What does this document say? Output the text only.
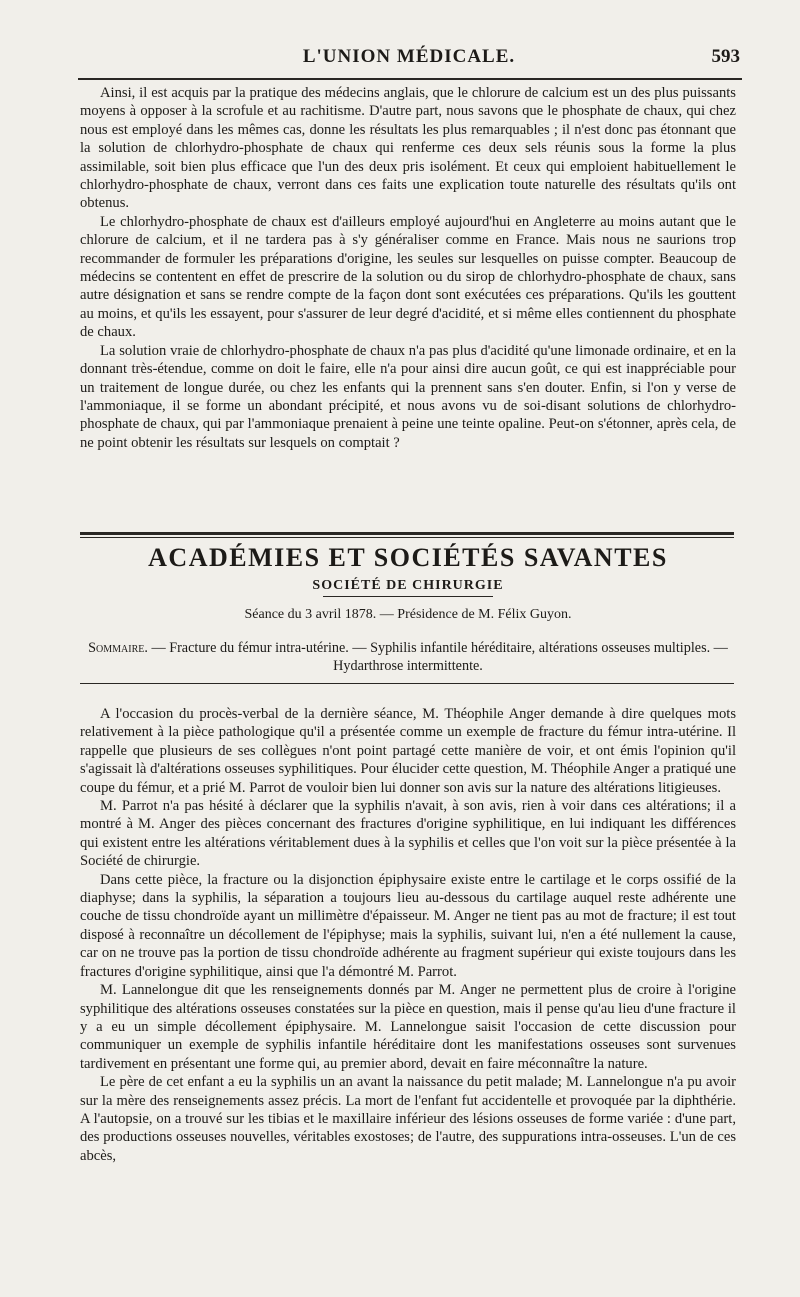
L'UNION MÉDICALE.	593

Ainsi, il est acquis par la pratique des médecins anglais, que le chlorure de calcium est un des plus puissants moyens à opposer à la scrofule et au rachitisme. D'autre part, nous savons que le phosphate de chaux, qui chez nous est employé dans les mêmes cas, donne les résultats les plus remarquables ; il n'est donc pas étonnant que la solution de chlorhydro-phosphate de chaux qui renferme ces deux sels réunis sous la forme la plus assimilable, soit bien plus efficace que l'un des deux pris isolément. Et ceux qui emploient habituellement le chlorhydro-phosphate de chaux, verront dans ces faits une explication toute naturelle des résultats qu'ils ont obtenus.

Le chlorhydro-phosphate de chaux est d'ailleurs employé aujourd'hui en Angleterre au moins autant que le chlorure de calcium, et il ne tardera pas à s'y généraliser comme en France. Mais nous ne saurions trop recommander de formuler les préparations d'origine, les seules sur lesquelles on puisse compter. Beaucoup de médecins se contentent en effet de prescrire de la solution ou du sirop de chlorhydro-phosphate de chaux, sans autre désignation et sans se rendre compte de la façon dont sont exécutées ces préparations. Qu'ils les gouttent au moins, et qu'ils les essayent, pour s'assurer de leur degré d'acidité, et si même elles contiennent du phosphate de chaux.

La solution vraie de chlorhydro-phosphate de chaux n'a pas plus d'acidité qu'une limonade ordinaire, et en la donnant très-étendue, comme on doit le faire, elle n'a pour ainsi dire aucun goût, ce qui est inappréciable pour un traitement de longue durée, ou chez les enfants qui la prennent sans s'en douter. Enfin, si l'on y verse de l'ammoniaque, il se forme un abondant précipité, et nous avons vu de soi-disant solutions de chlorhydro-phosphate de chaux, qui par l'ammoniaque prenaient à peine une teinte opaline. Peut-on s'étonner, après cela, de ne point obtenir les résultats sur lesquels on comptait ?

ACADÉMIES ET SOCIÉTÉS SAVANTES
SOCIÉTÉ DE CHIRURGIE
Séance du 3 avril 1878. — Présidence de M. Félix Guyon.
Sommaire. — Fracture du fémur intra-utérine. — Syphilis infantile héréditaire, altérations osseuses multiples. — Hydarthrose intermittente.

A l'occasion du procès-verbal de la dernière séance, M. Théophile Anger demande à dire quelques mots relativement à la pièce pathologique qu'il a présentée comme un exemple de fracture du fémur intra-utérine. Il rappelle que plusieurs de ses collègues n'ont point partagé cette manière de voir, et ont émis l'opinion qu'il s'agissait là d'altérations osseuses syphilitiques. Pour élucider cette question, M. Théophile Anger a pratiqué une coupe du fémur, et a prié M. Parrot de vouloir bien lui donner son avis sur la nature des altérations litigieuses.

M. Parrot n'a pas hésité à déclarer que la syphilis n'avait, à son avis, rien à voir dans ces altérations; il a montré à M. Anger des pièces concernant des fractures d'origine syphilitique, en lui indiquant les différences qui existent entre les altérations véritablement dues à la syphilis et celles que l'on voit sur la pièce présentée à la Société de chirurgie.

Dans cette pièce, la fracture ou la disjonction épiphysaire existe entre le cartilage et le corps ossifié de la diaphyse; dans la syphilis, la séparation a toujours lieu au-dessous du cartilage auquel reste adhérente une couche de tissu chondroïde ayant un millimètre d'épaisseur. M. Anger ne tient pas au mot de fracture; il est tout disposé à reconnaître un décollement de l'épiphyse; mais la syphilis, suivant lui, n'en a été nullement la cause, car on ne trouve pas la portion de tissu chondroïde adhérente au fragment supérieur qui existe toujours dans les fractures d'origine syphilitique, ainsi que l'a démontré M. Parrot.

M. Lannelongue dit que les renseignements donnés par M. Anger ne permettent plus de croire à l'origine syphilitique des altérations osseuses constatées sur la pièce en question, mais il pense qu'au lieu d'une fracture il y a eu un simple décollement épiphysaire. M. Lannelongue saisit l'occasion de cette discussion pour communiquer un exemple de syphilis infantile héréditaire dont les manifestations osseuses sont survenues tardivement en présentant une forme qui, au premier abord, devait en faire méconnaître la nature.

Le père de cet enfant a eu la syphilis un an avant la naissance du petit malade; M. Lannelongue n'a pu avoir sur la mère des renseignements assez précis. La mort de l'enfant fut accidentelle et provoquée par la diphthérie. A l'autopsie, on a trouvé sur les tibias et le maxillaire inférieur des lésions osseuses de forme variée : d'une part, des productions osseuses nouvelles, véritables exostoses; de l'autre, des suppurations intra-osseuses. L'un de ces abcès,
